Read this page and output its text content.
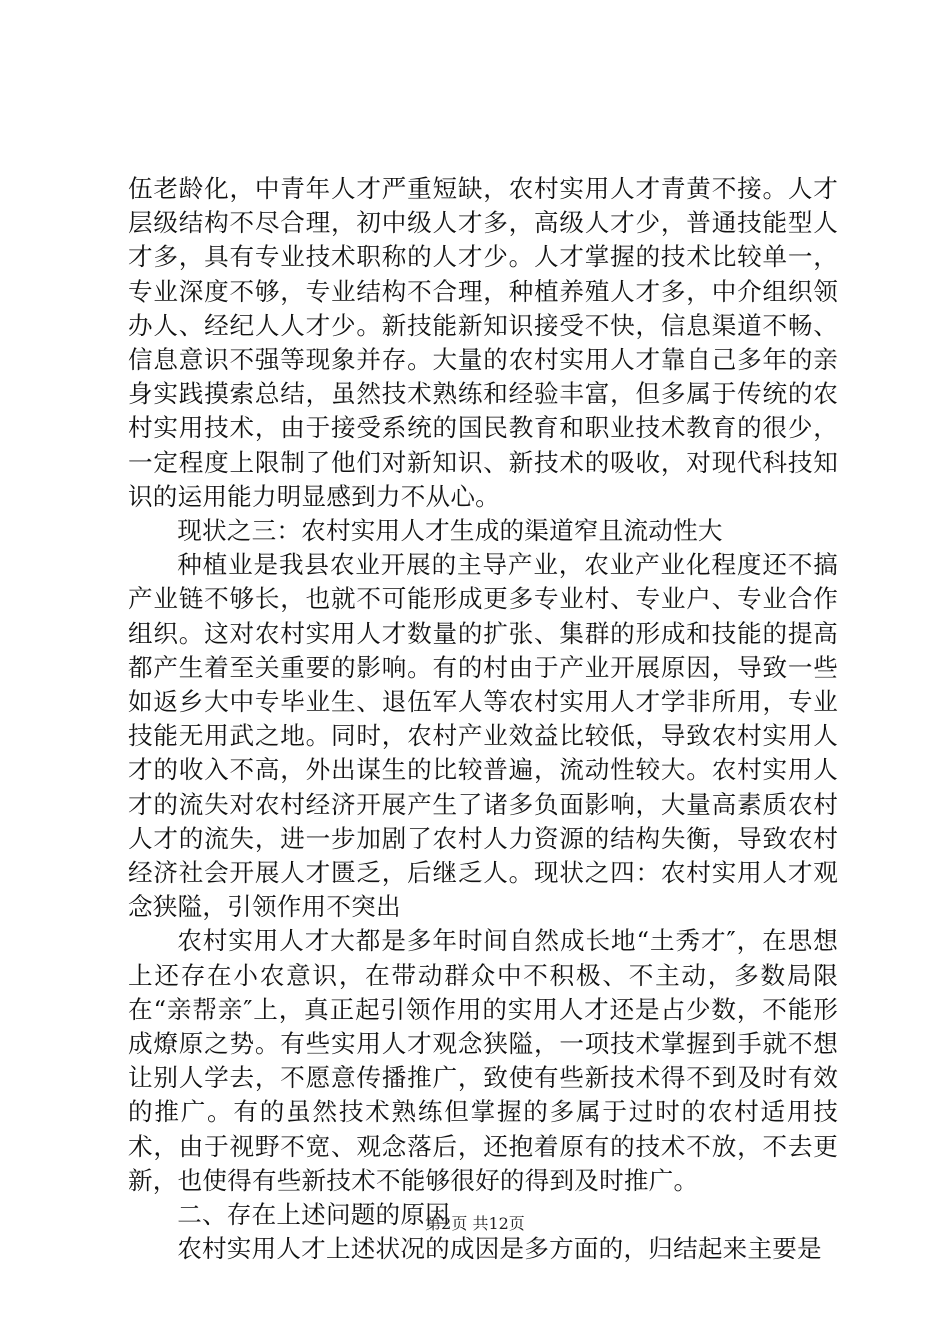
伍老龄化，中青年人才严重短缺，农村实用人才青黄不接。人才层级结构不尽合理，初中级人才多，高级人才少，普通技能型人才多，具有专业技术职称的人才少。人才掌握的技术比较单一，专业深度不够，专业结构不合理，种植养殖人才多，中介组织领办人、经纪人人才少。新技能新知识接受不快，信息渠道不畅、信息意识不强等现象并存。大量的农村实用人才靠自己多年的亲身实践摸索总结，虽然技术熟练和经验丰富，但多属于传统的农村实用技术，由于接受系统的国民教育和职业技术教育的很少，一定程度上限制了他们对新知识、新技术的吸收，对现代科技知识的运用能力明显感到力不从心。

现状之三：农村实用人才生成的渠道窄且流动性大

种植业是我县农业开展的主导产业，农业产业化程度还不搞产业链不够长，也就不可能形成更多专业村、专业户、专业合作组织。这对农村实用人才数量的扩张、集群的形成和技能的提高都产生着至关重要的影响。有的村由于产业开展原因，导致一些如返乡大中专毕业生、退伍军人等农村实用人才学非所用，专业技能无用武之地。同时，农村产业效益比较低，导致农村实用人才的收入不高，外出谋生的比较普遍，流动性较大。农村实用人才的流失对农村经济开展产生了诸多负面影响，大量高素质农村人才的流失，进一步加剧了农村人力资源的结构失衡，导致农村经济社会开展人才匮乏，后继乏人。现状之四：农村实用人才观念狭隘，引领作用不突出

农村实用人才大都是多年时间自然成长地“土秀才″，在思想上还存在小农意识，在带动群众中不积极、不主动，多数局限在“亲帮亲″上，真正起引领作用的实用人才还是占少数，不能形成燎原之势。有些实用人才观念狭隘，一项技术掌握到手就不想让别人学去，不愿意传播推广，致使有些新技术得不到及时有效的推广。有的虽然技术熟练但掌握的多属于过时的农村适用技术，由于视野不宽、观念落后，还抱着原有的技术不放，不去更新，也使得有些新技术不能够很好的得到及时推广。

二、存在上述问题的原因

农村实用人才上述状况的成因是多方面的，归结起来主要是

第2页 共12页
